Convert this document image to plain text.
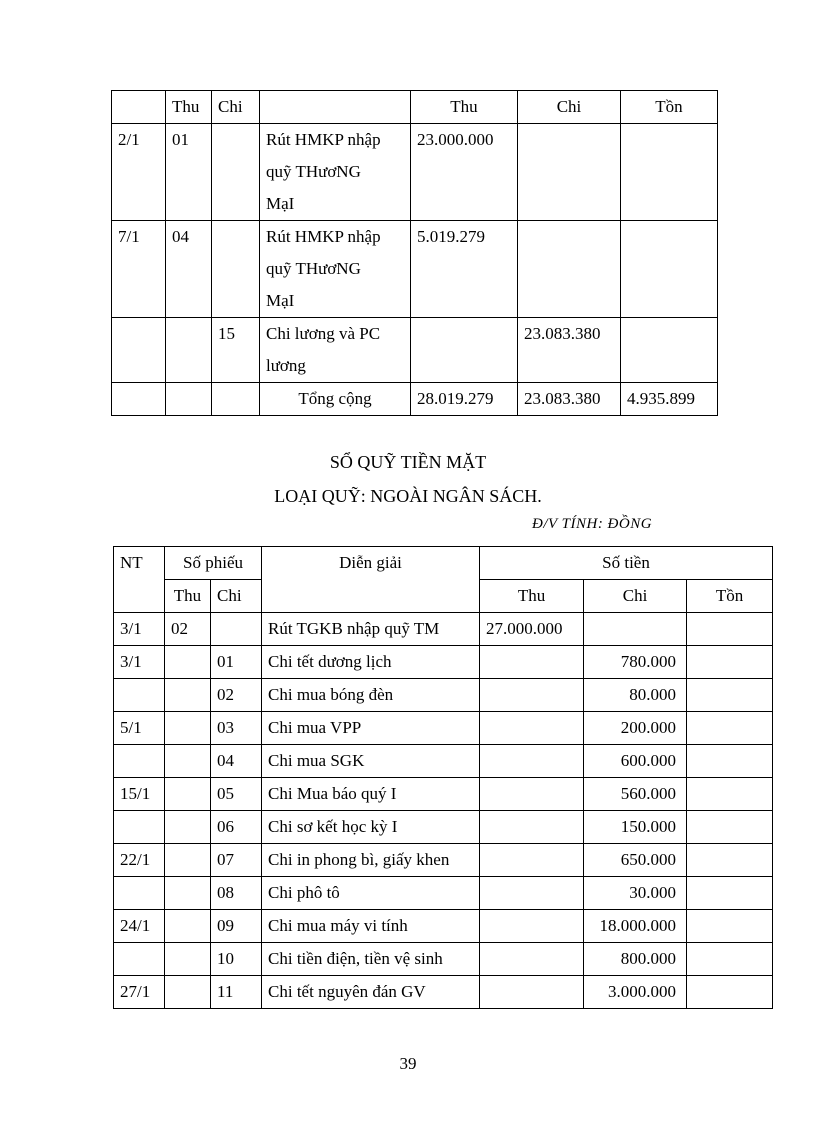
	Thu	Chi		Thu	Chi	Tồn
2/1	01		Rút HMKP nhập quỹ THươNG MạI	23.000.000		
7/1	04		Rút HMKP nhập quỹ THươNG MạI	5.019.279		
		15	Chi lương và PC lương		23.083.380	
			Tổng cộng	28.019.279	23.083.380	4.935.899
SỔ QUỸ TIỀN MẶT
LOẠI QUỸ: NGOÀI NGÂN SÁCH.
Đ/V TÍNH: ĐỒNG
NT	Số phiếu		Diễn giải	Số tiền		
	Thu	Chi		Thu	Chi	Tồn
3/1	02		Rút TGKB nhập quỹ TM	27.000.000		
3/1		01	Chi tết dương lịch		780.000	
		02	Chi mua bóng đèn		80.000	
5/1		03	Chi mua VPP		200.000	
		04	Chi mua SGK		600.000	
15/1		05	Chi Mua báo quý I		560.000	
		06	Chi sơ kết học kỳ I		150.000	
22/1		07	Chi in phong bì, giấy khen		650.000	
		08	Chi phô tô		30.000	
24/1		09	Chi mua máy vi tính		18.000.000	
		10	Chi tiền điện, tiền vệ sinh		800.000	
27/1		11	Chi tết nguyên đán GV		3.000.000	
39
